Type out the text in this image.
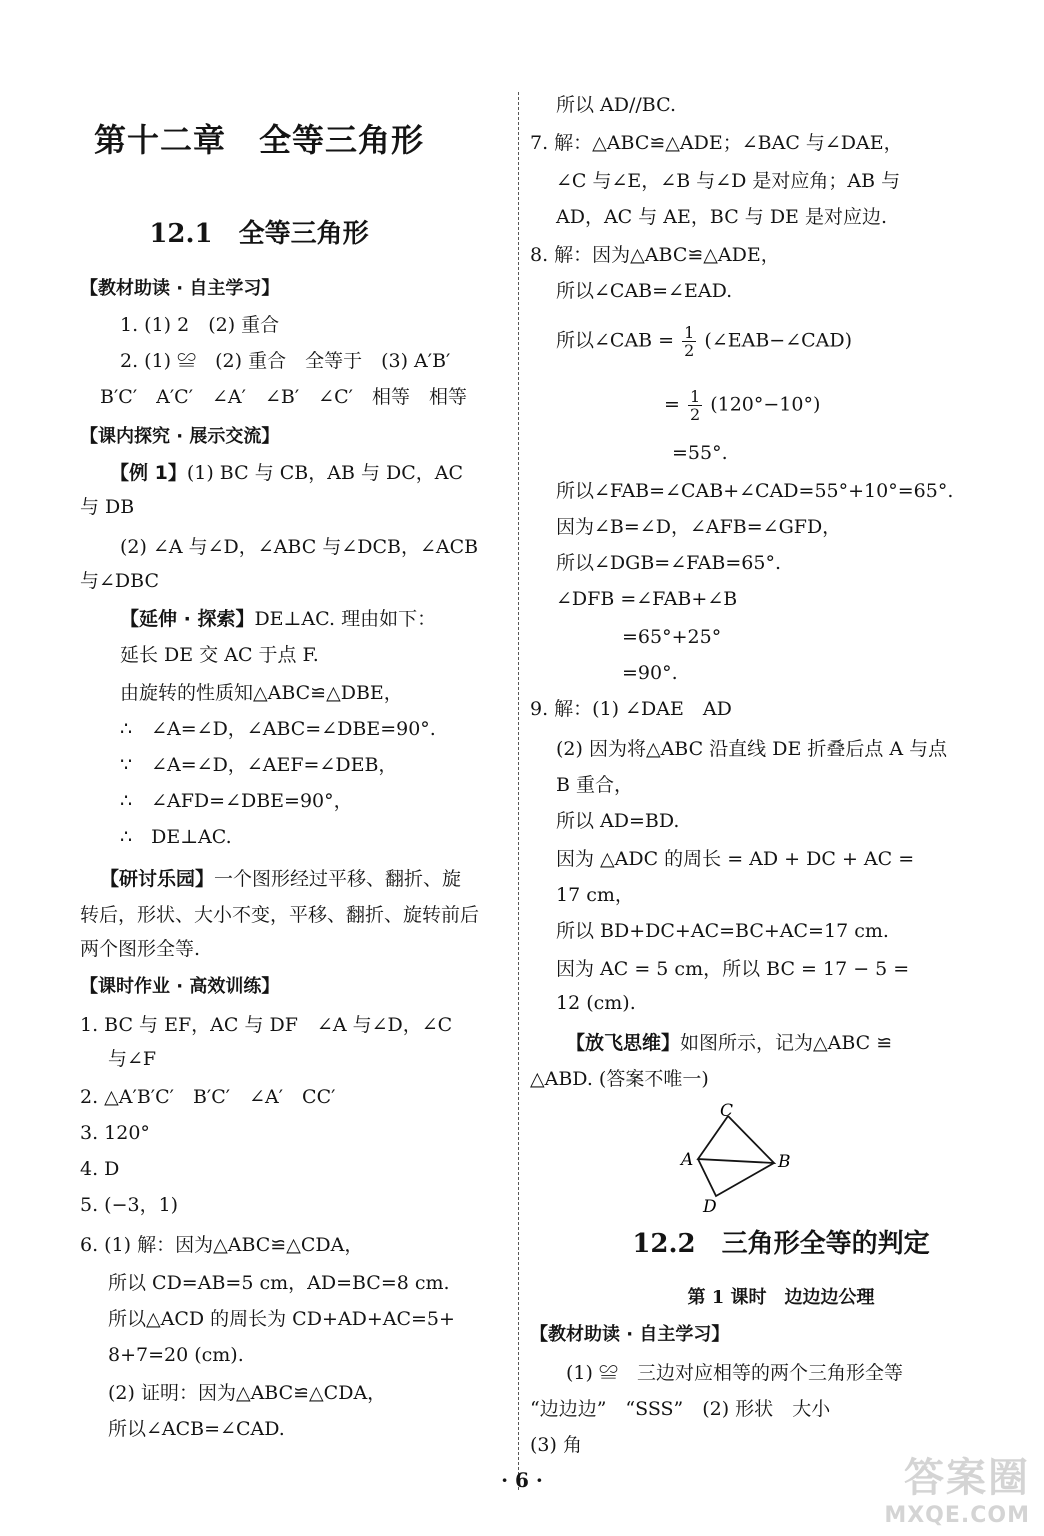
第十二章　全等三角形
12.1　全等三角形
【教材助读 · 自主学习】
1. (1) 2　(2) 重合
2. (1) ≌　(2) 重合　全等于　(3) A′B′
B′C′　A′C′　∠A′　∠B′　∠C′　相等　相等
【课内探究 · 展示交流】
【例 1】(1) BC 与 CB，AB 与 DC，AC
与 DB
(2) ∠A 与∠D，∠ABC 与∠DCB，∠ACB
与∠DBC
【延伸 · 探索】DE⊥AC. 理由如下：
延长 DE 交 AC 于点 F.
由旋转的性质知△ABC≌△DBE，
∴　∠A=∠D，∠ABC=∠DBE=90°.
∵　∠A=∠D，∠AEF=∠DEB，
∴　∠AFD=∠DBE=90°，
∴　DE⊥AC.
【研讨乐园】一个图形经过平移、翻折、旋
转后，形状、大小不变，平移、翻折、旋转前后
两个图形全等.
【课时作业 · 高效训练】
1. BC 与 EF，AC 与 DF　∠A 与∠D，∠C
与∠F
2. △A′B′C′　B′C′　∠A′　CC′
3. 120°
4. D
5. (−3，1)
6. (1) 解：因为△ABC≌△CDA，
所以 CD=AB=5 cm，AD=BC=8 cm.
所以△ACD 的周长为 CD+AD+AC=5+
8+7=20 (cm).
(2) 证明：因为△ABC≌△CDA，
所以∠ACB=∠CAD.
所以 AD//BC.
7. 解：△ABC≌△ADE；∠BAC 与∠DAE，
∠C 与∠E，∠B 与∠D 是对应角；AB 与
AD，AC 与 AE，BC 与 DE 是对应边.
8. 解：因为△ABC≌△ADE，
所以∠CAB=∠EAD.
所以∠CAB = $\frac{1}{2}$ (∠EAB−∠CAD)
= $\frac{1}{2} (120^\circ-10^\circ)$
=55°.
所以∠FAB=∠CAB+∠CAD=55°+10°=65°.
因为∠B=∠D，∠AFB=∠GFD，
所以∠DGB=∠FAB=65°.
∠DFB =∠FAB+∠B
=65°+25°
=90°.
9. 解：(1) ∠DAE　AD
(2) 因为将△ABC 沿直线 DE 折叠后点 A 与点
B 重合，
所以 AD=BD.
因为 △ADC 的周长 = AD + DC + AC =
17 cm，
所以 BD+DC+AC=BC+AC=17 cm.
因为 AC = 5 cm，所以 BC = 17 − 5 =
12 (cm).
【放飞思维】如图所示，记为△ABC ≌
△ABD. (答案不唯一)
C
A	B
D
12.2　三角形全等的判定
第 1 课时　边边边公理
【教材助读 · 自主学习】
(1) ≌　三边对应相等的两个三角形全等
“边边边”　“SSS”　(2) 形状　大小
(3) 角
· 6 ·	答案圈
MXQE.COM
